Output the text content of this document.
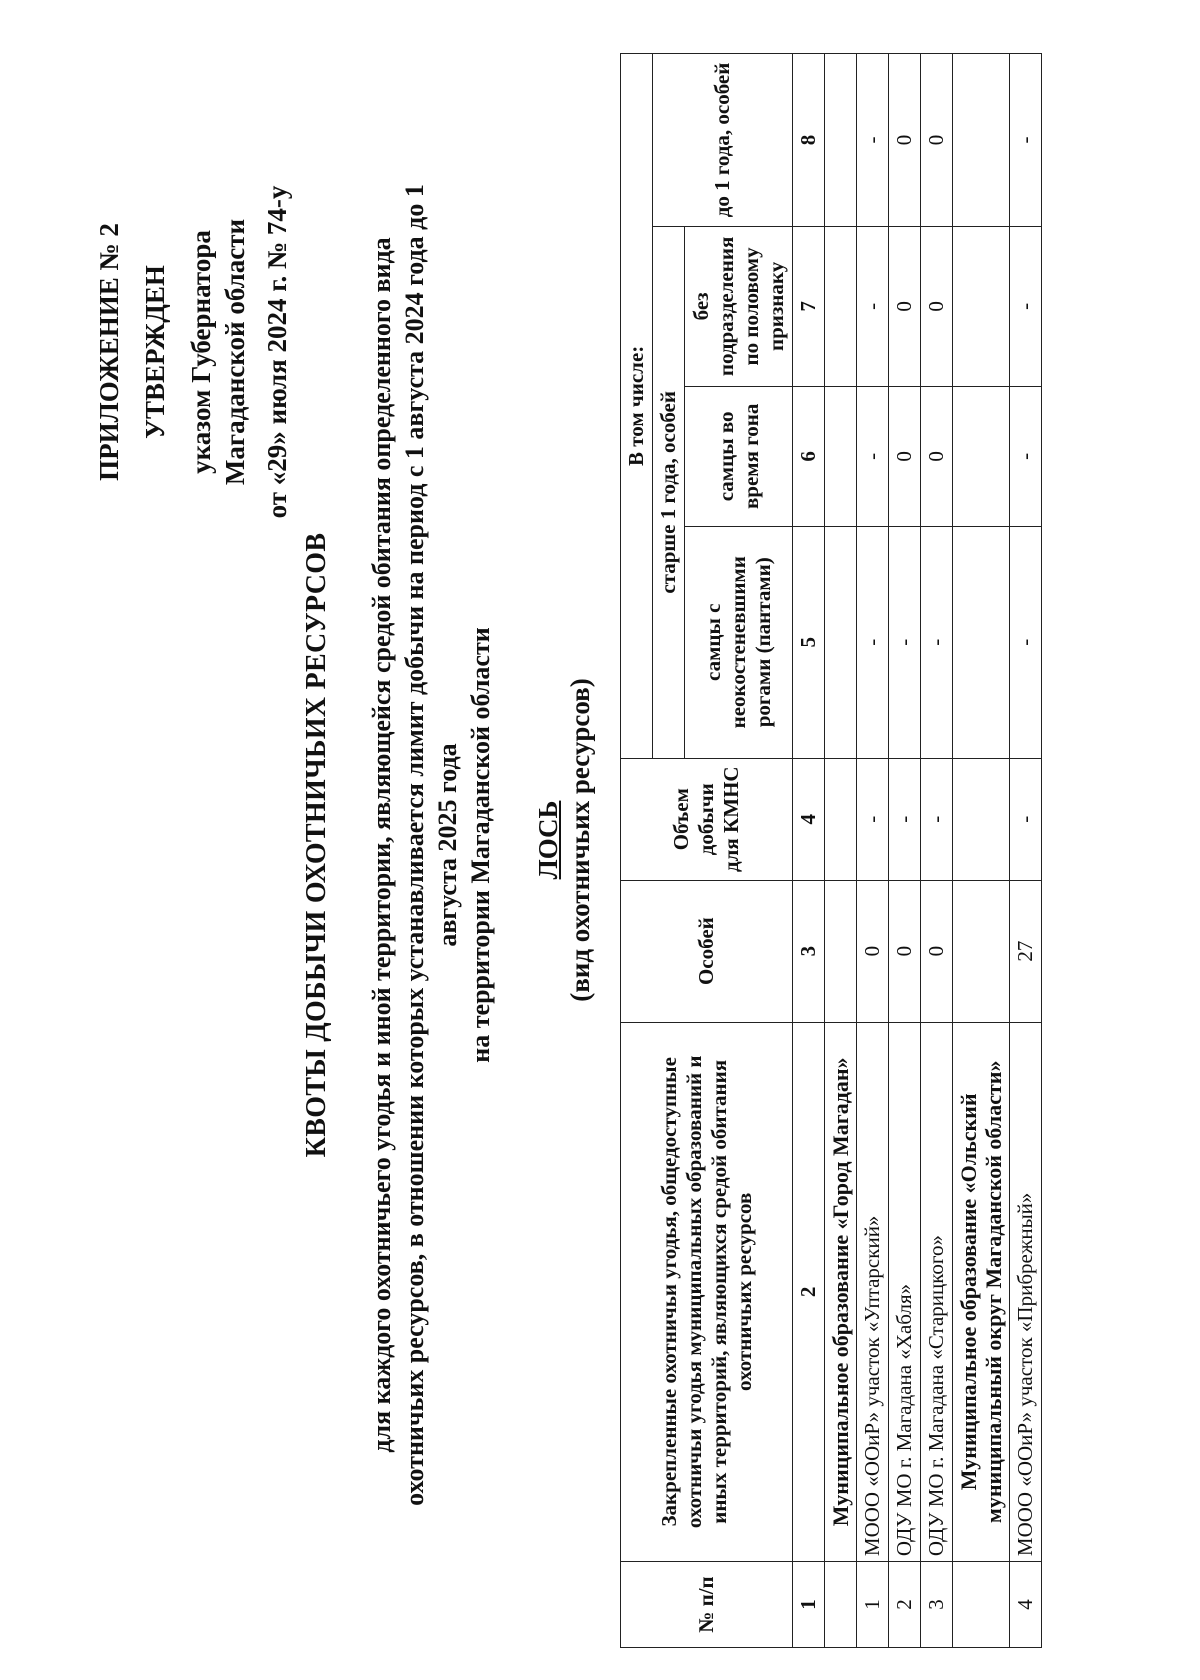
ПРИЛОЖЕНИЕ № 2 УТВЕРЖДЕН указом Губернатора Магаданской области от «29» июля 2024 г. № 74-у
КВОТЫ ДОБЫЧИ ОХОТНИЧЬИХ РЕСУРСОВ для каждого охотничьего угодья и иной территории, являющейся средой обитания определенного вида охотничьих ресурсов, в отношении которых устанавливается лимит добычи на период с 1 августа 2024 года до 1 августа 2025 года на территории Магаданской области ЛОСЬ (вид охотничьих ресурсов)
№ п/п	Закрепленные охотничьи угодья, общедоступные охотничьи угодья муниципальных образований и иных территорий, являющихся средой обитания охотничьих ресурсов	Особей	Объем добычи для КМНС	В том числе:			
				старше 1 года, особей			до 1 года, особей
				самцы с неокостеневшими рогами (пантами)	самцы во время гона	без подразделения по половому признаку	
1	2	3	4	5	6	7	8
	Муниципальное образование «Город Магадан»						
1	МООО «ООиР» участок «Уптарский»	0	-	-	-	-	-
2	ОДУ МО г. Магадана «Хабля»	0	-	-	0	0	0
3	ОДУ МО г. Магадана «Старицкого»	0	-	-	0	0	0
	Муниципальное образование «Ольский муниципальный округ Магаданской области»						
4	МООО «ООиР» участок «Прибрежный»	27	-	-	-	-	-
